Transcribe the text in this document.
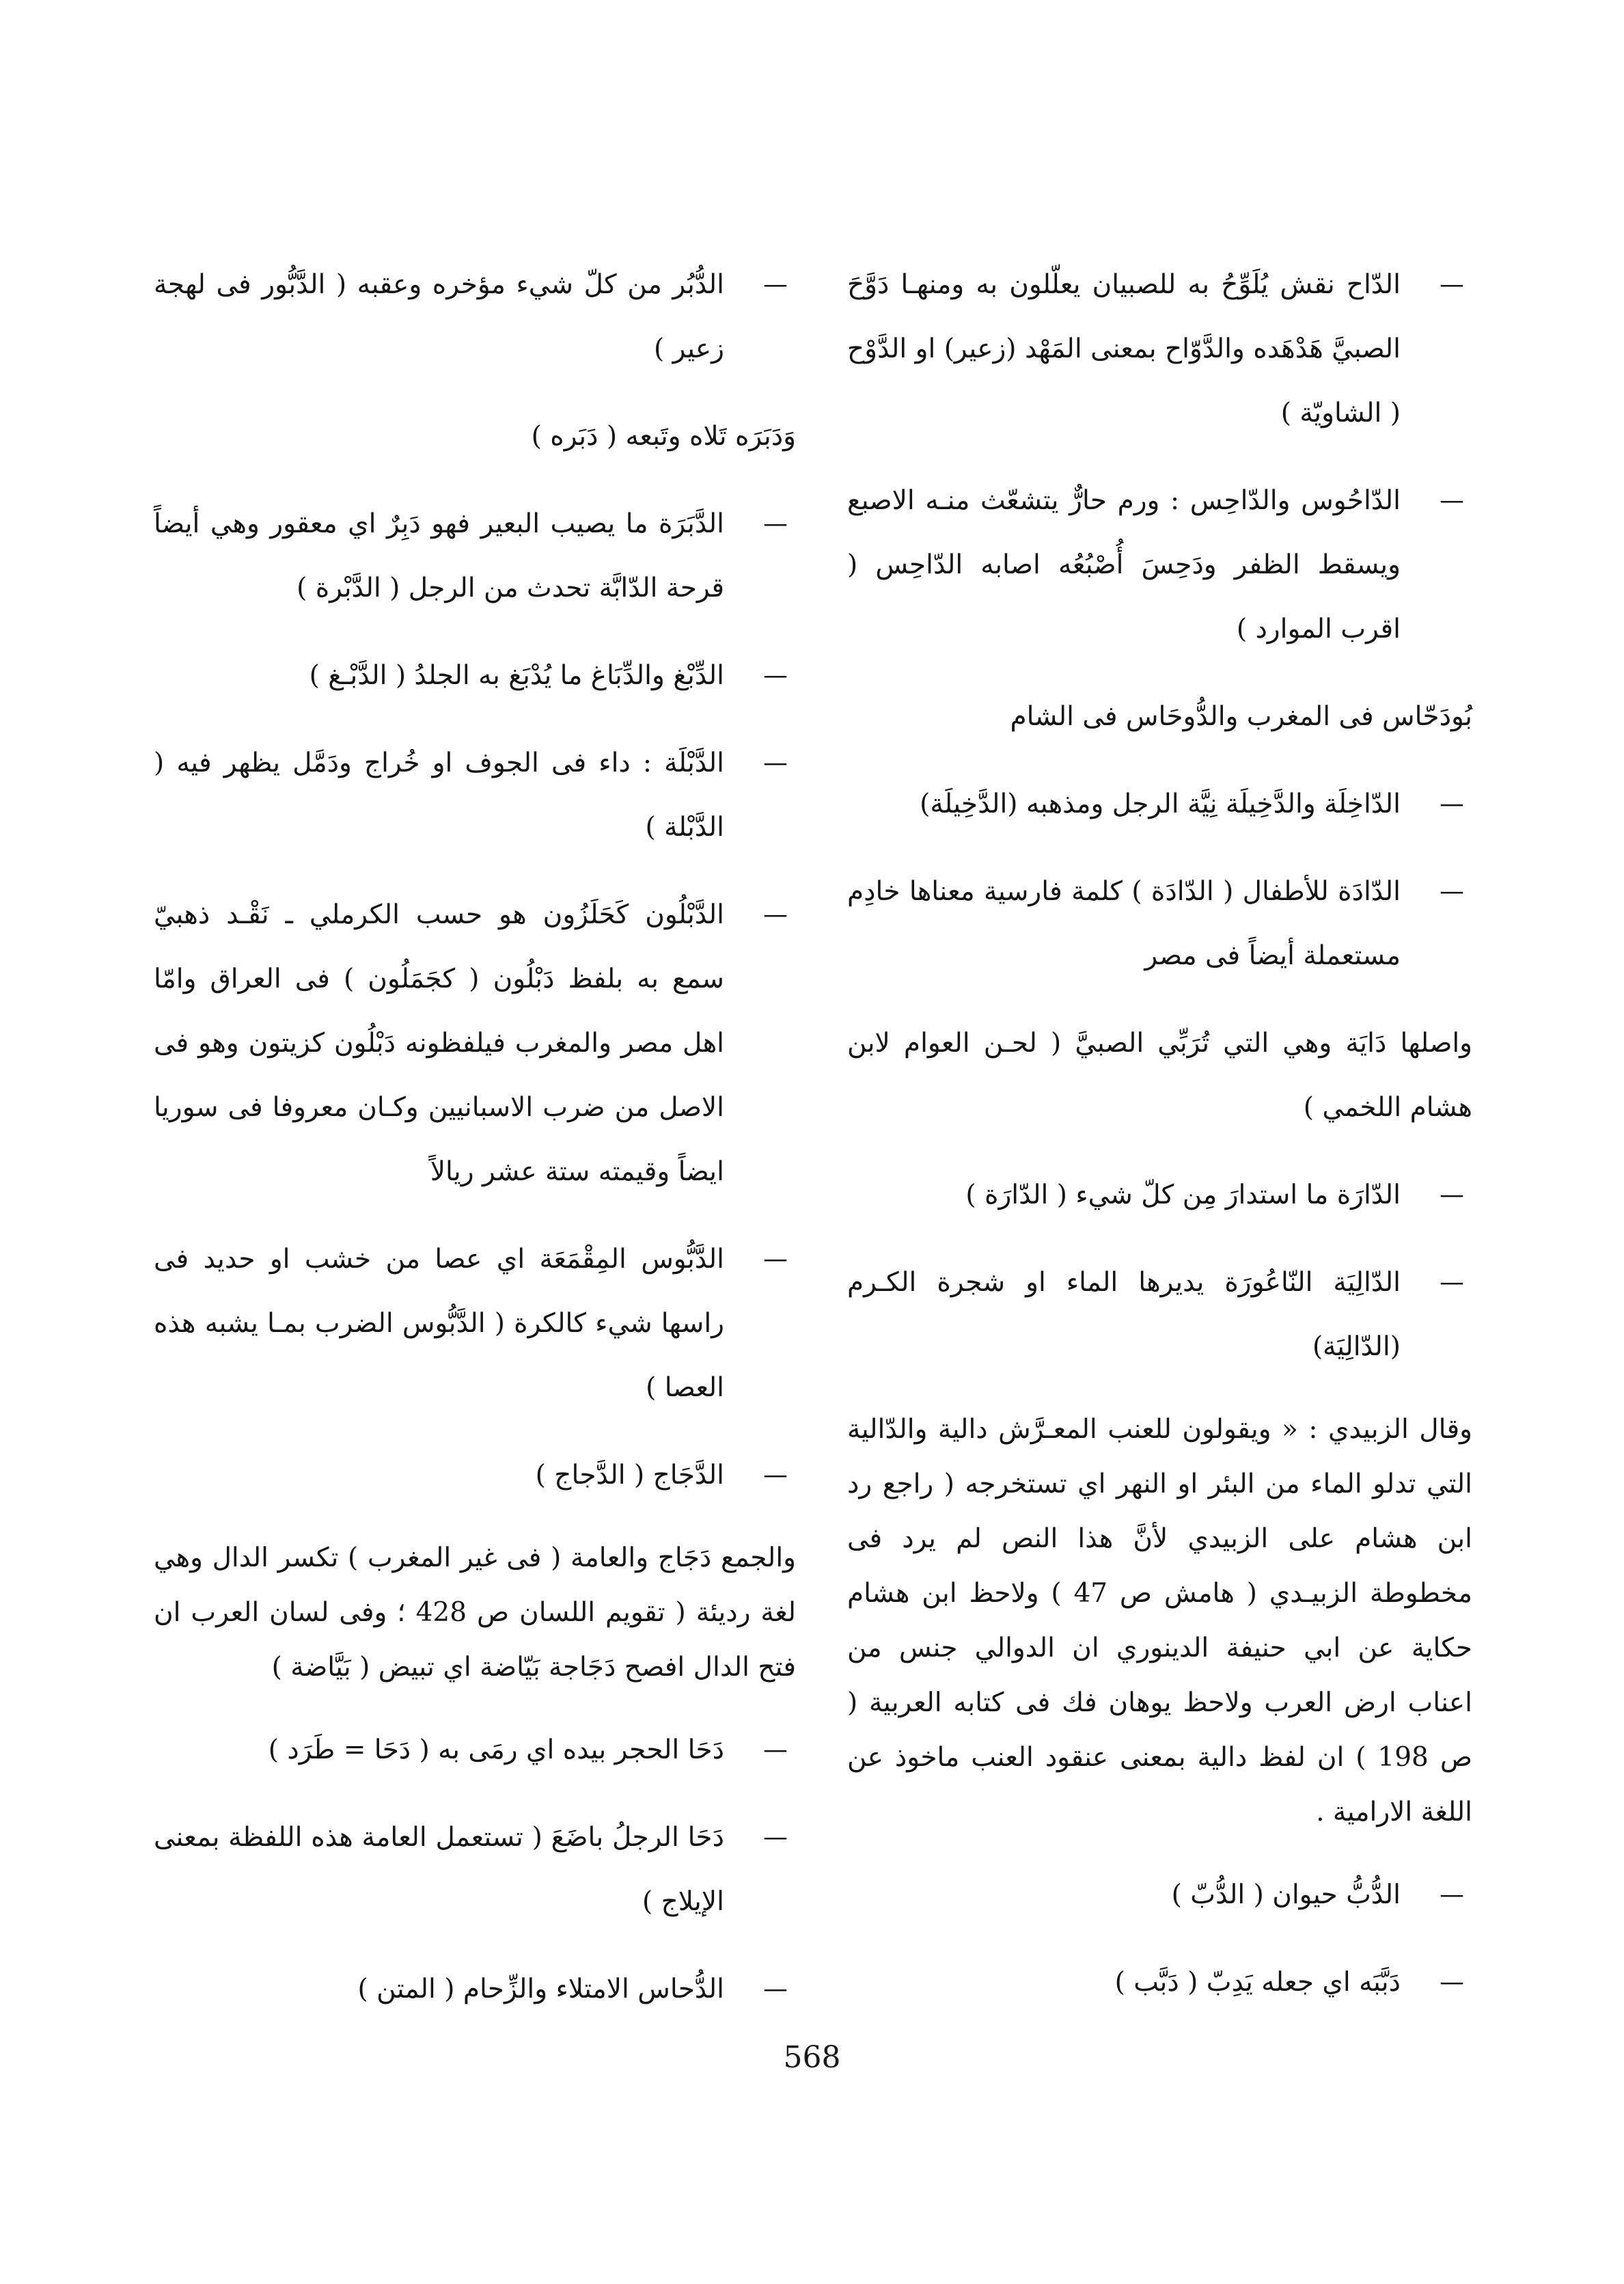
—
الدّاح نقش يُلَوِّحُ به للصبيان يعلّلون به ومنهـا دَوَّحَ الصبيَّ هَدْهَده والدَّوّاح بمعنى المَهْد (زعير) او الدَّوْح ( الشاويّة )
—
الدّاحُوس والدّاحِس : ورم حارٌّ يتشعّث منـه الاصبع ويسقط الظفر ودَحِسَ أُصْبُعُه اصابه الدّاحِس ( اقرب الموارد )
بُودَحّاس فى المغرب والدُّوحَاس فى الشام
—
الدّاخِلَة والدَّخِيلَة نِيَّة الرجل ومذهبه (الدَّخِيلَة)
—
الدّادَة للأطفال ( الدّادَة ) كلمة فارسية معناها خادِم مستعملة أيضاً فى مصر
واصلها دَايَة وهي التي تُرَبِّي الصبيَّ ( لحـن العوام لابن هشام اللخمي )
—
الدّارَة ما استدارَ مِن كلّ شيء ( الدّارَة )
—
الدّالِيَة النّاعُورَة يديرها الماء او شجرة الكـرم (الدّالِيَة)
وقال الزبيدي : « ويقولون للعنب المعـرَّش دالية والدّالية التي تدلو الماء من البئر او النهر اي تستخرجه ( راجع رد ابن هشام على الزبيدي لأنَّ هذا النص لم يرد فى مخطوطة الزبيـدي ( هامش ص 47 ) ولاحظ ابن هشام حكاية عن ابي حنيفة الدينوري ان الدوالي جنس من اعناب ارض العرب ولاحظ يوهان فك فى كتابه العربية ( ص 198 ) ان لفظ دالية بمعنى عنقود العنب ماخوذ عن اللغة الارامية .
—
الدُّبُّ حيوان ( الدُّبّ )
—
دَبَّبَه اي جعله يَدِبّ ( دَبَّب )
—
الدُّبُر من كلّ شيء مؤخره وعقبه ( الدَّبُّور فى لهجة زعير )
وَدَبَرَه تَلاه وتَبعه ( دَبَره )
—
الدَّبَرَة ما يصيب البعير فهو دَبِرٌ اي معقور وهي أيضاً قرحة الدّابَّة تحدث من الرجل ( الدَّبْرة )
—
الدِّبْغ والدِّبَاغ ما يُدْبَغ به الجلدُ ( الدَّبْـغ )
—
الدَّبْلَة : داء فى الجوف او خُراج ودَمَّل يظهر فيه ( الدَّبْلة )
—
الدَّبْلُون كَحَلَزُون هو حسب الكرملي ـ نَقْـد ذهبيّ سمع به بلفظ دَبْلُون ( كجَمَلُون ) فى العراق وامّا اهل مصر والمغرب فيلفظونه دَبْلُون كزيتون وهو فى الاصل من ضرب الاسبانيين وكـان معروفا فى سوريا ايضاً وقيمته ستة عشر ريالاً
—
الدَّبُّوس المِقْمَعَة اي عصا من خشب او حديد فى راسها شيء كالكرة ( الدَّبُّوس الضرب بمـا يشبه هذه العصا )
—
الدَّجَاج ( الدَّجاج )
والجمع دَجَاج والعامة ( فى غير المغرب ) تكسر الدال وهي لغة رديئة ( تقويم اللسان ص 428 ؛ وفى لسان العرب ان فتح الدال افصح دَجَاجة بَيّاضة اي تبيض ( بَيَّاضة )
—
دَحَا الحجر بيده اي رمَى به ( دَحَا = طَرَد )
—
دَحَا الرجلُ باضَعَ ( تستعمل العامة هذه اللفظة بمعنى الإيلاج )
—
الدُّحاس الامتلاء والزِّحام ( المتن )
568
